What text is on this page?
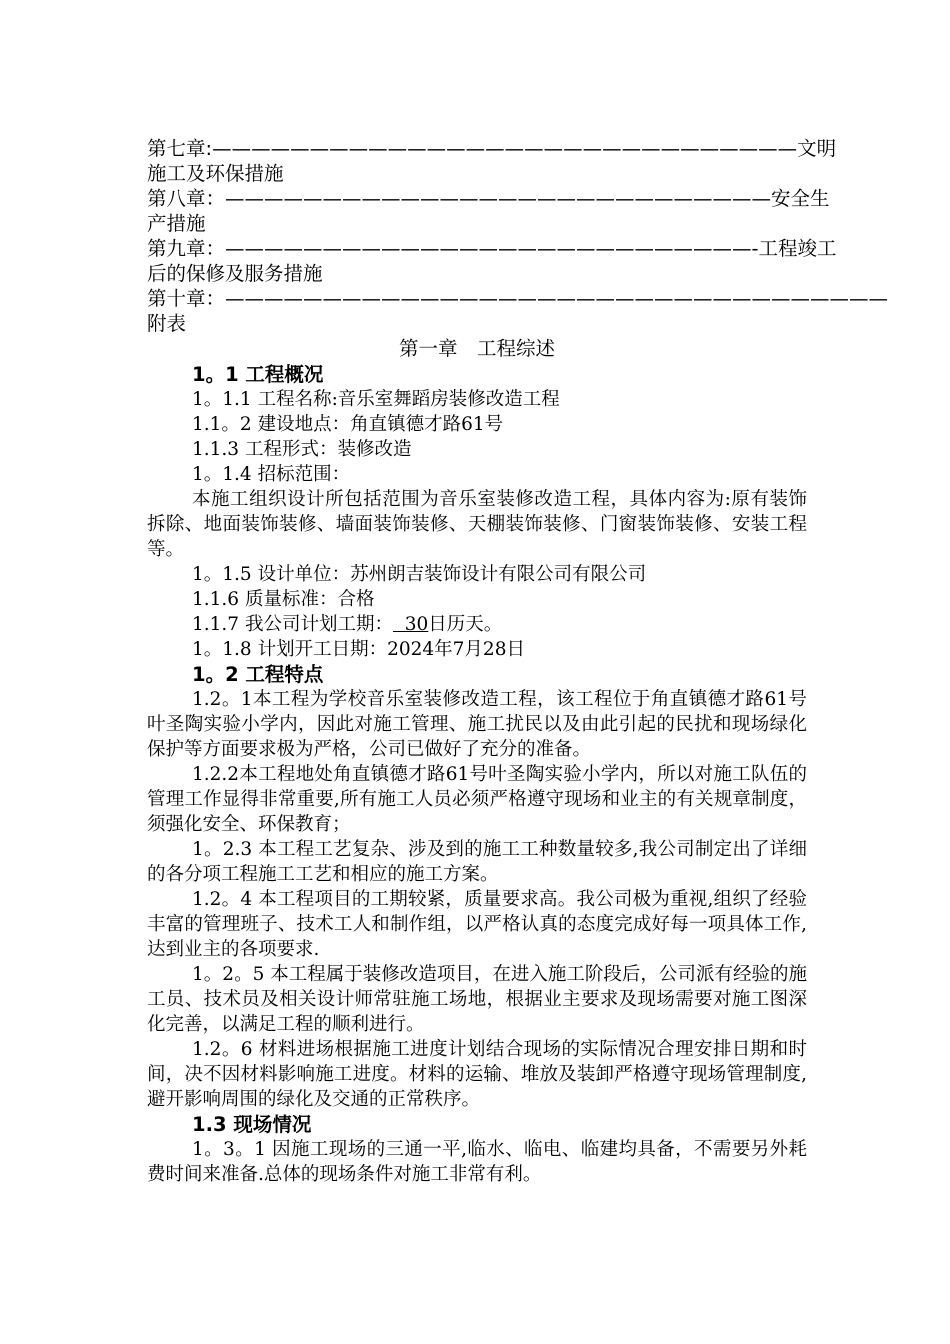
第七章:——————————————————————————————文明
施工及环保措施
第八章：————————————————————————————安全生
产措施
第九章：———————————————————————————-工程竣工
后的保修及服务措施
第十章：——————————————————————————————————
附表
第一章　工程综述
1。1 工程概况
1。1.1 工程名称:音乐室舞蹈房装修改造工程
1.1。2 建设地点：角直镇德才路61号
1.1.3 工程形式：装修改造
1。1.4 招标范围：

本施工组织设计所包括范围为音乐室装修改造工程，具体内容为:原有装饰拆除、地面装饰装修、墙面装饰装修、天棚装饰装修、门窗装饰装修、安装工程等。

1。1.5 设计单位：苏州朗吉装饰设计有限公司有限公司
1.1.6 质量标准：合格
1.1.7 我公司计划工期：  30日历天。
1。1.8 计划开工日期：2024年7月28日
1。2 工程特点

1.2。1本工程为学校音乐室装修改造工程，该工程位于角直镇德才路61号叶圣陶实验小学内，因此对施工管理、施工扰民以及由此引起的民扰和现场绿化保护等方面要求极为严格，公司已做好了充分的准备。

1.2.2本工程地处角直镇德才路61号叶圣陶实验小学内，所以对施工队伍的管理工作显得非常重要,所有施工人员必须严格遵守现场和业主的有关规章制度，须强化安全、环保教育；

1。2.3 本工程工艺复杂、涉及到的施工工种数量较多,我公司制定出了详细的各分项工程施工工艺和相应的施工方案。

1.2。4 本工程项目的工期较紧，质量要求高。我公司极为重视,组织了经验丰富的管理班子、技术工人和制作组，以严格认真的态度完成好每一项具体工作,达到业主的各项要求.

1。2。5 本工程属于装修改造项目，在进入施工阶段后，公司派有经验的施工员、技术员及相关设计师常驻施工场地，根据业主要求及现场需要对施工图深化完善，以满足工程的顺利进行。

1.2。6 材料进场根据施工进度计划结合现场的实际情况合理安排日期和时间，决不因材料影响施工进度。材料的运输、堆放及装卸严格遵守现场管理制度,避开影响周围的绿化及交通的正常秩序。

1.3 现场情况

1。3。1 因施工现场的三通一平,临水、临电、临建均具备，不需要另外耗费时间来准备.总体的现场条件对施工非常有利。
